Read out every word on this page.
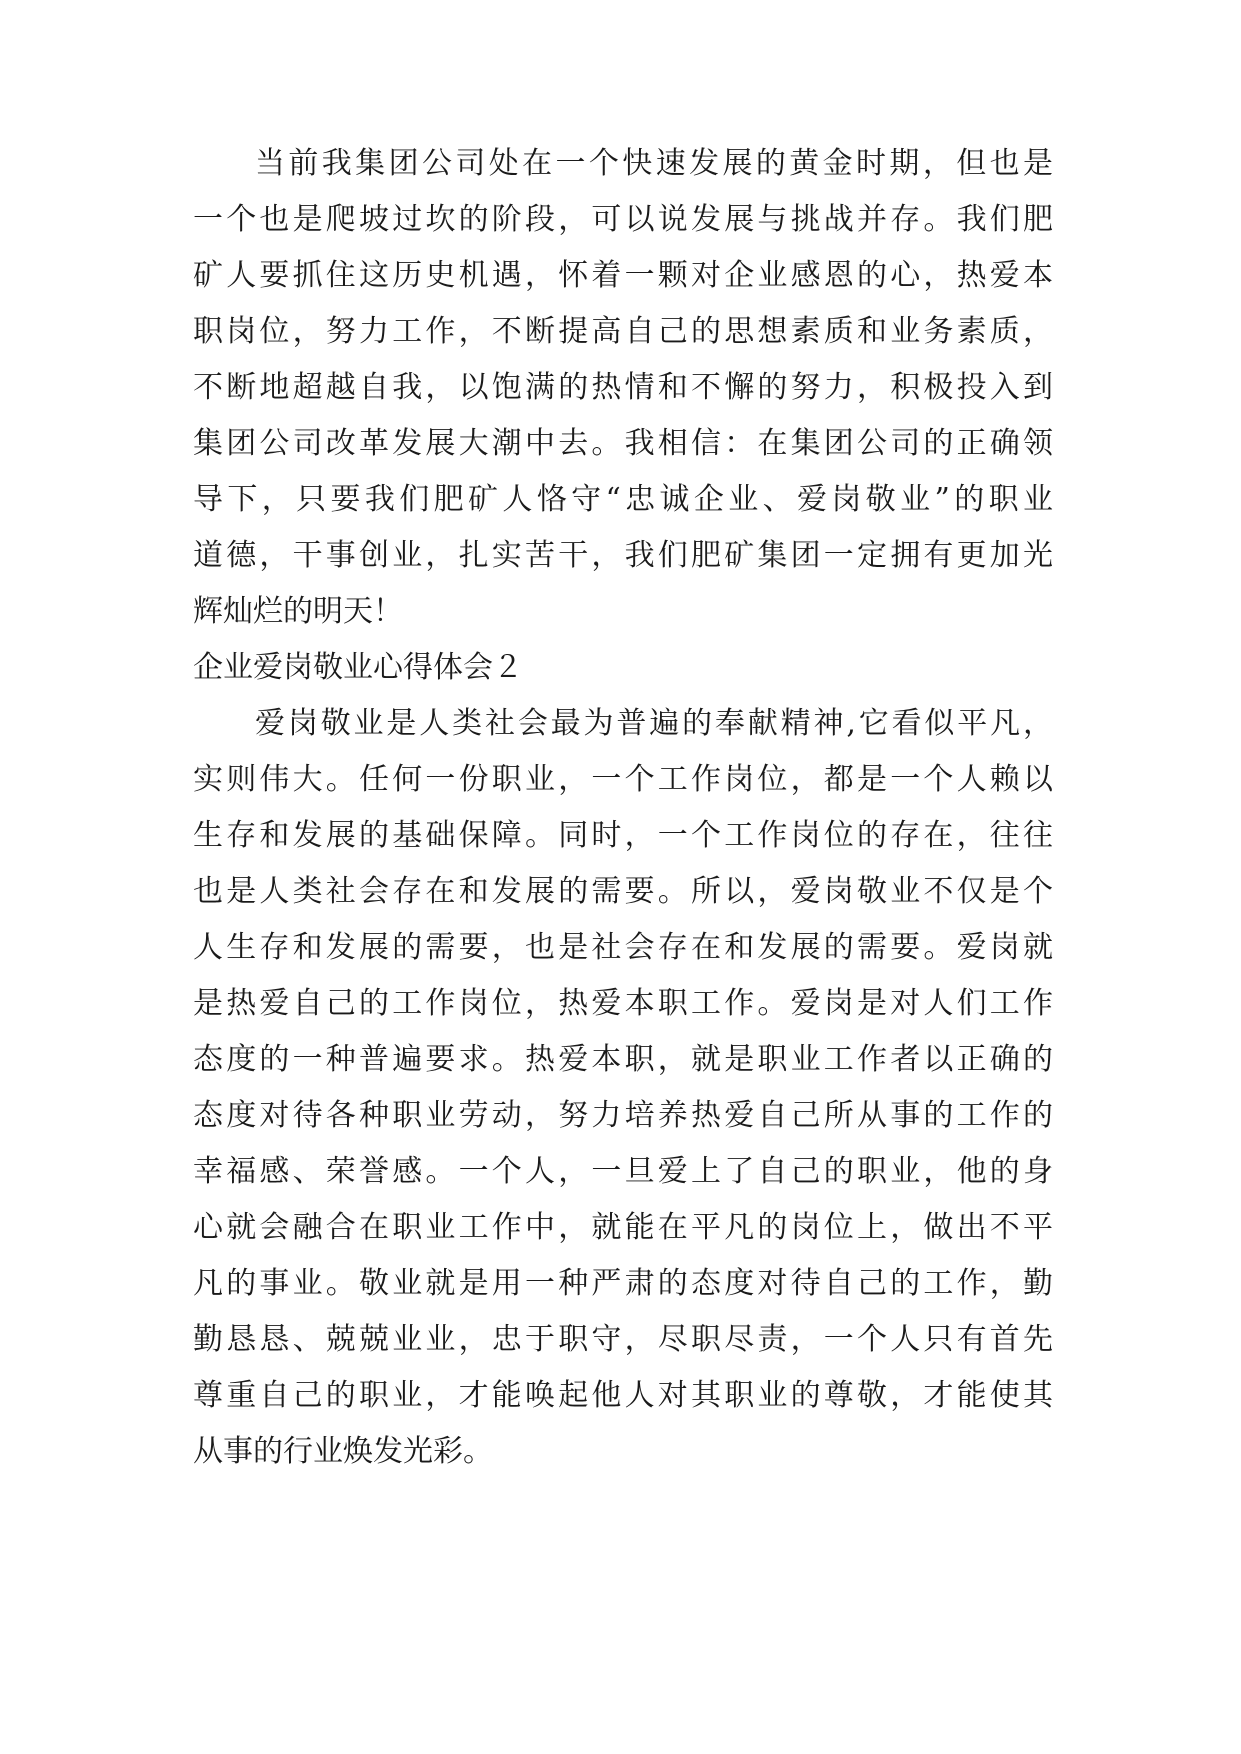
当前我集团公司处在一个快速发展的黄金时期，但也是
一个也是爬坡过坎的阶段，可以说发展与挑战并存。我们肥
矿人要抓住这历史机遇，怀着一颗对企业感恩的心，热爱本
职岗位，努力工作，不断提高自己的思想素质和业务素质，
不断地超越自我，以饱满的热情和不懈的努力，积极投入到
集团公司改革发展大潮中去。我相信：在集团公司的正确领
导下，只要我们肥矿人恪守“忠诚企业、爱岗敬业”的职业
道德，干事创业，扎实苦干，我们肥矿集团一定拥有更加光
辉灿烂的明天！
企业爱岗敬业心得体会２
爱岗敬业是人类社会最为普遍的奉献精神,它看似平凡，
实则伟大。任何一份职业，一个工作岗位，都是一个人赖以
生存和发展的基础保障。同时，一个工作岗位的存在，往往
也是人类社会存在和发展的需要。所以，爱岗敬业不仅是个
人生存和发展的需要，也是社会存在和发展的需要。爱岗就
是热爱自己的工作岗位，热爱本职工作。爱岗是对人们工作
态度的一种普遍要求。热爱本职，就是职业工作者以正确的
态度对待各种职业劳动，努力培养热爱自己所从事的工作的
幸福感、荣誉感。一个人，一旦爱上了自己的职业，他的身
心就会融合在职业工作中，就能在平凡的岗位上，做出不平
凡的事业。敬业就是用一种严肃的态度对待自己的工作，勤
勤恳恳、兢兢业业，忠于职守，尽职尽责，一个人只有首先
尊重自己的职业，才能唤起他人对其职业的尊敬，才能使其
从事的行业焕发光彩。
